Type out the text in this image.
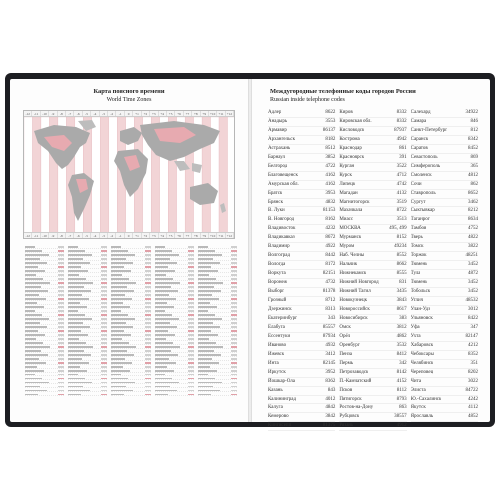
Карта поясного времени
World Time Zones
-12	-11	-10	-9	-8	-7	-6	-5	-4	-3	-2	-1	0	+1	+2	+3	+4	+5	+6	+7	+8	+9	+10 +11 +12
-12	-11	-10	-9	-8	-7	-6	-5	-4	-3	-2	-1	0	+1	+2	+3	+4	+5	+6	+7	+8	+9	+10 +11 +12
Междугородные телефонные коды городов России
Russian inside telephone codes
Адлер	8622
Анадырь	3553
Армавир	86137
Архангельск	8182
Астрахань	8512
Барнаул	3852
Белгород	4722
Благовещенск	4162
Амурская обл.	4162
Братск	3953
Брянск	4832
В. Луки	81153
В. Новгород	8162
Владивосток	4232
Владикавказ	8672
Владимир	4922
Волгоград	8442
Вологда	8172
Воркута	82151
Воронеж	4732
Выборг	81378
Грозный	8712
Дзержинск	8313
Екатеринбург	343
Елабуга	85557
Ессентуки	87934
Иваново	4932
Ижевск	3412
Инта	82145
Иркутск	3952
Йошкар-Ола	8362
Казань	843
Калининград	4012
Калуга	4842
Кемерово	3842
Кингисепп	81375
Киров	8332
Кировская обл.	8332
Кисловодск	87937
Кострома	4942
Краснодар	861
Красноярск	391
Курган	3522
Курск	4712
Липецк	4742
Магадан	4132
Магнитогорск	3519
Махачкала	8722
Миасс	3513
МОСКВА	495, 499
Мурманск	8152
Муром	49234
Наб. Челны	8552
Нальчик	8662
Нижнекамск	8555
Нижний Новгород	831
Нижний Тагил	3435
Новокузнецк	3843
Новороссийск	8617
Новосибирск	383
Омск	3812
Орёл	4862
Оренбург	3532
Пенза	8412
Пермь	342
Петрозаводск	8142
П.-Камчатский	4152
Псков	8112
Пятигорск	8793
Ростов-на-Дону	863
Рубцовск	38557
Рязань	4912
Салехард	34922
Самара	846
Санкт-Петербург	812
Саранск	8342
Саратов	8452
Севастополь	869
Симферополь	365
Смоленск	4812
Сочи	862
Ставрополь	8652
Сургут	3462
Сыктывкар	8212
Таганрог	8634
Тамбов	4752
Тверь	4822
Томск	3822
Торжок	48251
Тюмень	3452
Тула	4872
Тюмень	3452
Тобольск	3452
Углич	48532
Улан-Удэ	3012
Ульяновск	8422
Уфа	347
Ухта	82147
Хабаровск	4212
Чебоксары	8352
Челябинск	351
Череповец	8202
Чита	3022
Элиста	84722
Ю.-Сахалинск	4242
Якутск	4112
Ярославль	4852
